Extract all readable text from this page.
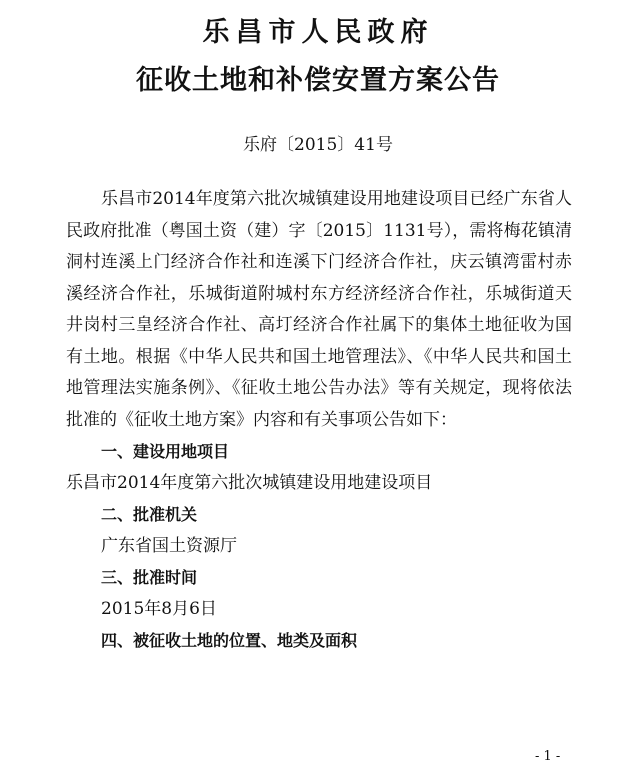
乐昌市人民政府
征收土地和补偿安置方案公告
乐府〔2015〕41号

乐昌市2014年度第六批次城镇建设用地建设项目已经广东省人民政府批准（粤国土资（建）字〔2015〕1131号），需将梅花镇清洞村连溪上门经济合作社和连溪下门经济合作社，庆云镇湾雷村赤溪经济合作社，乐城街道附城村东方经济经济合作社，乐城街道天井岗村三皇经济合作社、高圢经济合作社属下的集体土地征收为国有土地。根据《中华人民共和国土地管理法》、《中华人民共和国土地管理法实施条例》、《征收土地公告办法》等有关规定，现将依法批准的《征收土地方案》内容和有关事项公告如下：

一、建设用地项目

乐昌市2014年度第六批次城镇建设用地建设项目

二、批准机关

广东省国土资源厅

三、批准时间

2015年8月6日

四、被征收土地的位置、地类及面积

- 1 -
